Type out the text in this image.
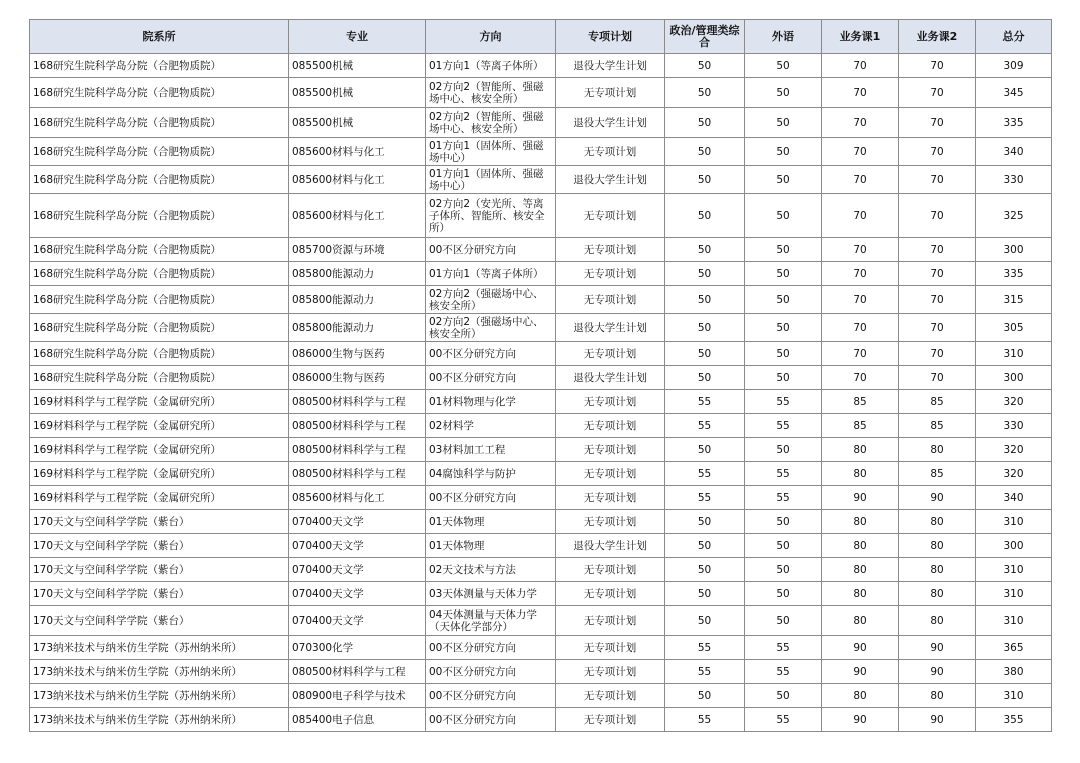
院系所	专业	方向	专项计划	政治/管理类综合	外语	业务课1	业务课2	总分
168研究生院科学岛分院（合肥物质院）	085500机械	01方向1（等离子体所）	退役大学生计划	50	50	70	70	309
168研究生院科学岛分院（合肥物质院）	085500机械	02方向2（智能所、强磁场中心、核安全所）	无专项计划	50	50	70	70	345
168研究生院科学岛分院（合肥物质院）	085500机械	02方向2（智能所、强磁场中心、核安全所）	退役大学生计划	50	50	70	70	335
168研究生院科学岛分院（合肥物质院）	085600材料与化工	01方向1（固体所、强磁场中心）	无专项计划	50	50	70	70	340
168研究生院科学岛分院（合肥物质院）	085600材料与化工	01方向1（固体所、强磁场中心）	退役大学生计划	50	50	70	70	330
168研究生院科学岛分院（合肥物质院）	085600材料与化工	02方向2（安光所、等离子体所、智能所、核安全所）	无专项计划	50	50	70	70	325
168研究生院科学岛分院（合肥物质院）	085700资源与环境	00不区分研究方向	无专项计划	50	50	70	70	300
168研究生院科学岛分院（合肥物质院）	085800能源动力	01方向1（等离子体所）	无专项计划	50	50	70	70	335
168研究生院科学岛分院（合肥物质院）	085800能源动力	02方向2（强磁场中心、核安全所）	无专项计划	50	50	70	70	315
168研究生院科学岛分院（合肥物质院）	085800能源动力	02方向2（强磁场中心、核安全所）	退役大学生计划	50	50	70	70	305
168研究生院科学岛分院（合肥物质院）	086000生物与医药	00不区分研究方向	无专项计划	50	50	70	70	310
168研究生院科学岛分院（合肥物质院）	086000生物与医药	00不区分研究方向	退役大学生计划	50	50	70	70	300
169材料科学与工程学院（金属研究所）	080500材料科学与工程	01材料物理与化学	无专项计划	55	55	85	85	320
169材料科学与工程学院（金属研究所）	080500材料科学与工程	02材料学	无专项计划	55	55	85	85	330
169材料科学与工程学院（金属研究所）	080500材料科学与工程	03材料加工工程	无专项计划	50	50	80	80	320
169材料科学与工程学院（金属研究所）	080500材料科学与工程	04腐蚀科学与防护	无专项计划	55	55	80	85	320
169材料科学与工程学院（金属研究所）	085600材料与化工	00不区分研究方向	无专项计划	55	55	90	90	340
170天文与空间科学学院（紫台）	070400天文学	01天体物理	无专项计划	50	50	80	80	310
170天文与空间科学学院（紫台）	070400天文学	01天体物理	退役大学生计划	50	50	80	80	300
170天文与空间科学学院（紫台）	070400天文学	02天文技术与方法	无专项计划	50	50	80	80	310
170天文与空间科学学院（紫台）	070400天文学	03天体测量与天体力学	无专项计划	50	50	80	80	310
170天文与空间科学学院（紫台）	070400天文学	04天体测量与天体力学（天体化学部分）	无专项计划	50	50	80	80	310
173纳米技术与纳米仿生学院（苏州纳米所）	070300化学	00不区分研究方向	无专项计划	55	55	90	90	365
173纳米技术与纳米仿生学院（苏州纳米所）	080500材料科学与工程	00不区分研究方向	无专项计划	55	55	90	90	380
173纳米技术与纳米仿生学院（苏州纳米所）	080900电子科学与技术	00不区分研究方向	无专项计划	50	50	80	80	310
173纳米技术与纳米仿生学院（苏州纳米所）	085400电子信息	00不区分研究方向	无专项计划	55	55	90	90	355
